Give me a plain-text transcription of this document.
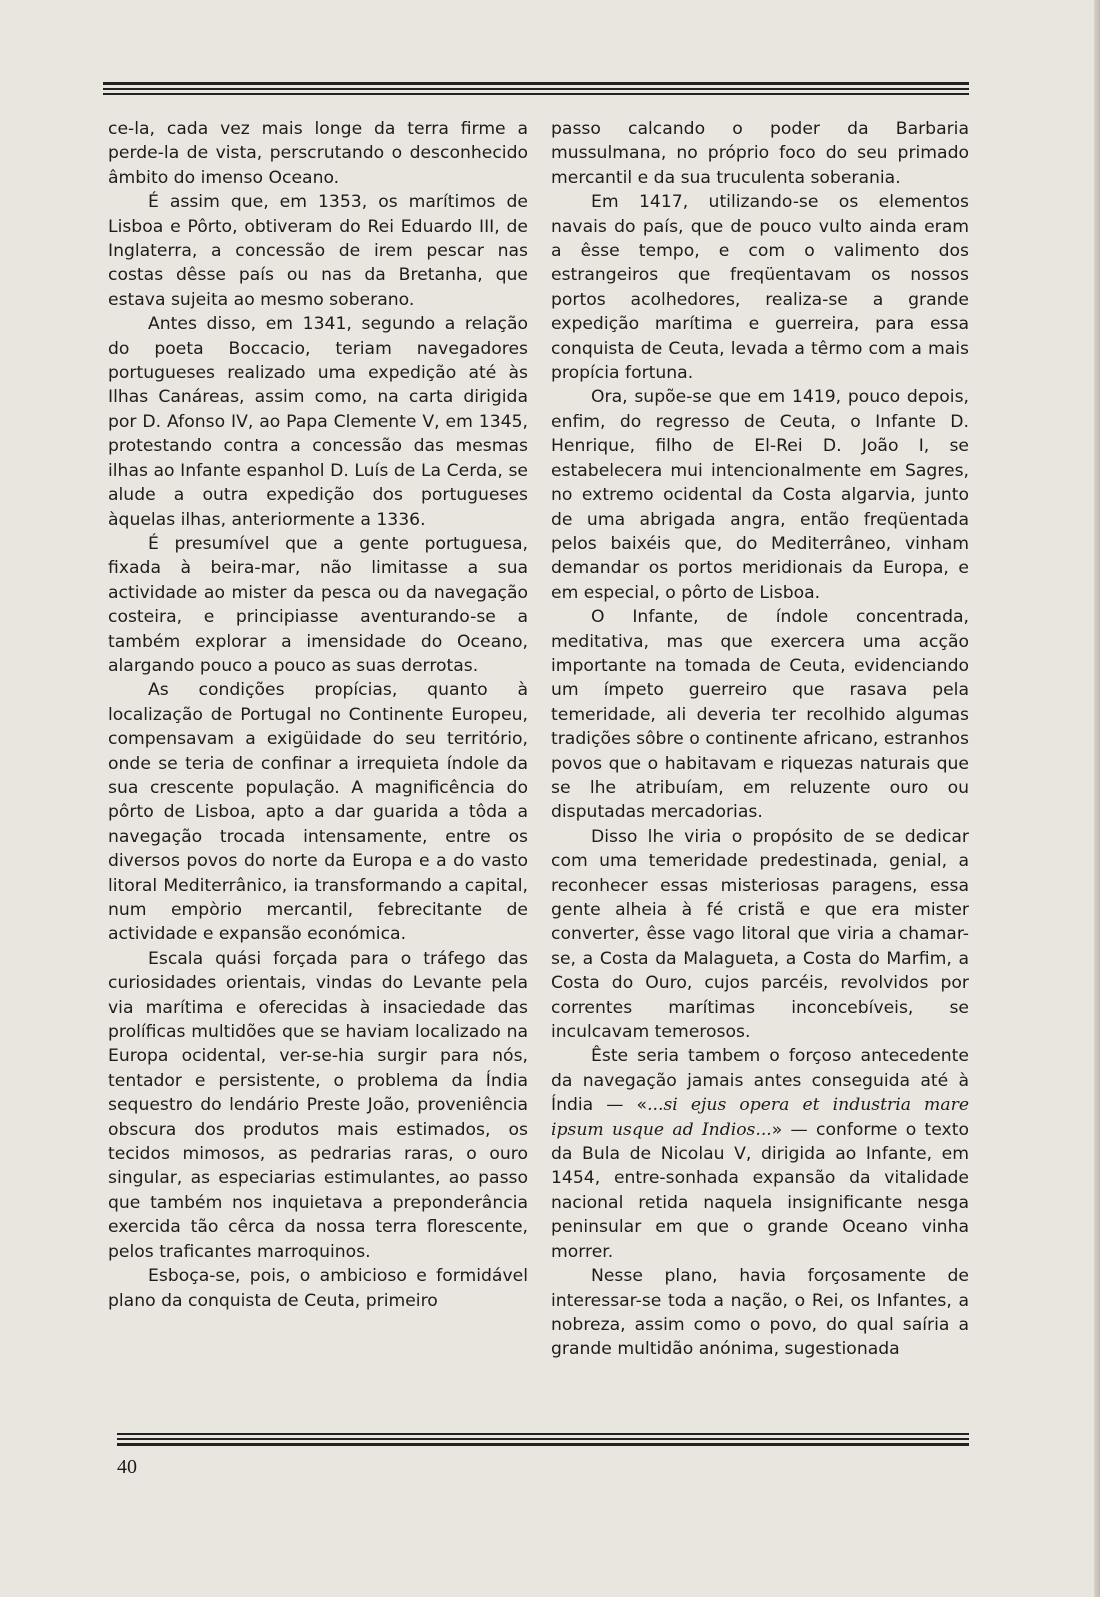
ce-la, cada vez mais longe da terra firme a perde-la de vista, perscrutando o desconhecido âmbito do imenso Oceano.

É assim que, em 1353, os marítimos de Lisboa e Pôrto, obtiveram do Rei Eduardo III, de Inglaterra, a concessão de irem pescar nas costas dêsse país ou nas da Bretanha, que estava sujeita ao mesmo soberano.

Antes disso, em 1341, segundo a relação do poeta Boccacio, teriam navegadores portugueses realizado uma expedição até às Ilhas Canáreas, assim como, na carta dirigida por D. Afonso IV, ao Papa Clemente V, em 1345, protestando contra a concessão das mesmas ilhas ao Infante espanhol D. Luís de La Cerda, se alude a outra expedição dos portugueses àquelas ilhas, anteriormente a 1336.

É presumível que a gente portuguesa, fixada à beira-mar, não limitasse a sua actividade ao mister da pesca ou da navegação costeira, e principiasse aventurando-se a também explorar a imensidade do Oceano, alargando pouco a pouco as suas derrotas.

As condições propícias, quanto à localização de Portugal no Continente Europeu, compensavam a exigüidade do seu território, onde se teria de confinar a irrequieta índole da sua crescente população. A magnificência do pôrto de Lisboa, apto a dar guarida a tôda a navegação trocada intensamente, entre os diversos povos do norte da Europa e a do vasto litoral Mediterrânico, ia transformando a capital, num empòrio mercantil, febrecitante de actividade e expansão económica.

Escala quási forçada para o tráfego das curiosidades orientais, vindas do Levante pela via marítima e oferecidas à insaciedade das prolíficas multidões que se haviam localizado na Europa ocidental, ver-se-hia surgir para nós, tentador e persistente, o problema da Índia sequestro do lendário Preste João, proveniência obscura dos produtos mais estimados, os tecidos mimosos, as pedrarias raras, o ouro singular, as especiarias estimulantes, ao passo que também nos inquietava a preponderância exercida tão cêrca da nossa terra florescente, pelos traficantes marroquinos.

Esboça-se, pois, o ambicioso e formidável plano da conquista de Ceuta, primeiro

passo calcando o poder da Barbaria mussulmana, no próprio foco do seu primado mercantil e da sua truculenta soberania.

Em 1417, utilizando-se os elementos navais do país, que de pouco vulto ainda eram a êsse tempo, e com o valimento dos estrangeiros que freqüentavam os nossos portos acolhedores, realiza-se a grande expedição marítima e guerreira, para essa conquista de Ceuta, levada a têrmo com a mais propícia fortuna.

Ora, supõe-se que em 1419, pouco depois, enfim, do regresso de Ceuta, o Infante D. Henrique, filho de El-Rei D. João I, se estabelecera mui intencionalmente em Sagres, no extremo ocidental da Costa algarvia, junto de uma abrigada angra, então freqüentada pelos baixéis que, do Mediterrâneo, vinham demandar os portos meridionais da Europa, e em especial, o pôrto de Lisboa.

O Infante, de índole concentrada, meditativa, mas que exercera uma acção importante na tomada de Ceuta, evidenciando um ímpeto guerreiro que rasava pela temeridade, ali deveria ter recolhido algumas tradições sôbre o continente africano, estranhos povos que o habitavam e riquezas naturais que se lhe atribuíam, em reluzente ouro ou disputadas mercadorias.

Disso lhe viria o propósito de se dedicar com uma temeridade predestinada, genial, a reconhecer essas misteriosas paragens, essa gente alheia à fé cristã e que era mister converter, êsse vago litoral que viria a chamar-se, a Costa da Malagueta, a Costa do Marfim, a Costa do Ouro, cujos parcéis, revolvidos por correntes marítimas inconcebíveis, se inculcavam temerosos.

Êste seria tambem o forçoso antecedente da navegação jamais antes conseguida até à Índia — «...si ejus opera et industria mare ipsum usque ad Indios...» — conforme o texto da Bula de Nicolau V, dirigida ao Infante, em 1454, entre-sonhada expansão da vitalidade nacional retida naquela insignificante nesga peninsular em que o grande Oceano vinha morrer.

Nesse plano, havia forçosamente de interessar-se toda a nação, o Rei, os Infantes, a nobreza, assim como o povo, do qual saíria a grande multidão anónima, sugestionada

40
